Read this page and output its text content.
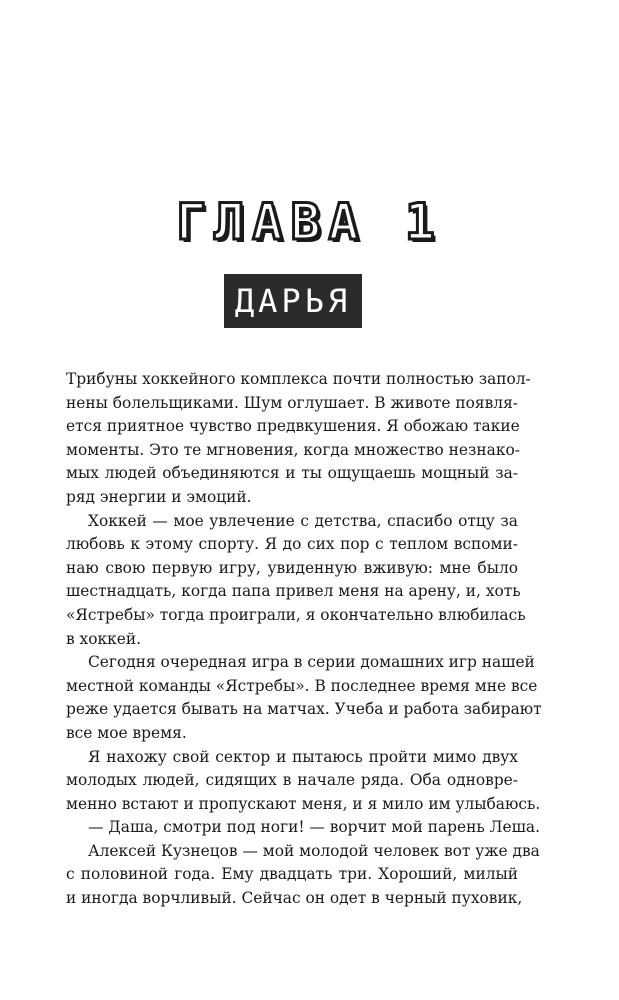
ГЛАВА 1
ДАРЬЯ

Трибуны хоккейного комплекса почти полностью запол-
нены болельщиками. Шум оглушает. В животе появля-
ется приятное чувство предвкушения. Я обожаю такие
моменты. Это те мгновения, когда множество незнако-
мых людей объединяются и ты ощущаешь мощный за-
ряд энергии и эмоций.

Хоккей — мое увлечение с детства, спасибо отцу за
любовь к этому спорту. Я до сих пор с теплом вспоми-
наю свою первую игру, увиденную вживую: мне было
шестнадцать, когда папа привел меня на арену, и, хоть
«Ястребы» тогда проиграли, я окончательно влюбилась
в хоккей.

Сегодня очередная игра в серии домашних игр нашей
местной команды «Ястребы». В последнее время мне все
реже удается бывать на матчах. Учеба и работа забирают
все мое время.

Я нахожу свой сектор и пытаюсь пройти мимо двух
молодых людей, сидящих в начале ряда. Оба одновре-
менно встают и пропускают меня, и я мило им улыбаюсь.

— Даша, смотри под ноги! — ворчит мой парень Леша.

Алексей Кузнецов — мой молодой человек вот уже два
с половиной года. Ему двадцать три. Хороший, милый
и иногда ворчливый. Сейчас он одет в черный пуховик,
